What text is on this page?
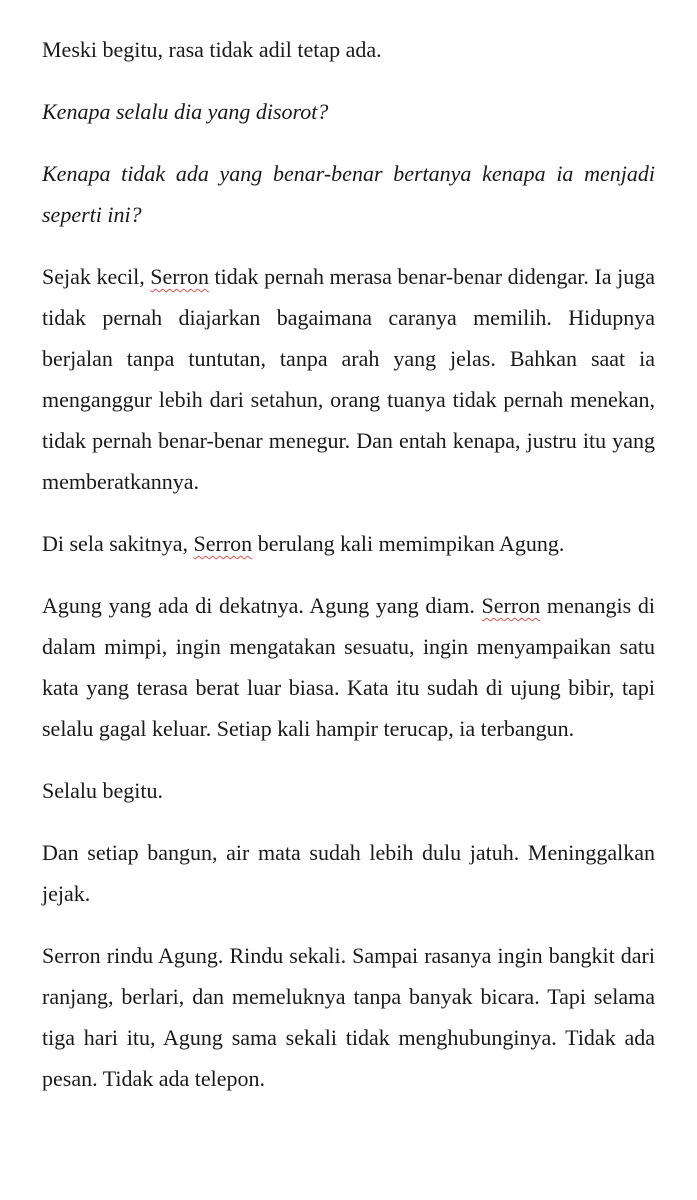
Meski begitu, rasa tidak adil tetap ada.

Kenapa selalu dia yang disorot?

Kenapa tidak ada yang benar-benar bertanya kenapa ia menjadi seperti ini?

Sejak kecil, Serron tidak pernah merasa benar-benar didengar. Ia juga tidak pernah diajarkan bagaimana caranya memilih. Hidupnya berjalan tanpa tuntutan, tanpa arah yang jelas. Bahkan saat ia menganggur lebih dari setahun, orang tuanya tidak pernah menekan, tidak pernah benar-benar menegur. Dan entah kenapa, justru itu yang memberatkannya.

Di sela sakitnya, Serron berulang kali memimpikan Agung.

Agung yang ada di dekatnya. Agung yang diam. Serron menangis di dalam mimpi, ingin mengatakan sesuatu, ingin menyampaikan satu kata yang terasa berat luar biasa. Kata itu sudah di ujung bibir, tapi selalu gagal keluar. Setiap kali hampir terucap, ia terbangun.

Selalu begitu.

Dan setiap bangun, air mata sudah lebih dulu jatuh. Meninggalkan jejak.

Serron rindu Agung. Rindu sekali. Sampai rasanya ingin bangkit dari ranjang, berlari, dan memeluknya tanpa banyak bicara. Tapi selama tiga hari itu, Agung sama sekali tidak menghubunginya. Tidak ada pesan. Tidak ada telepon.
